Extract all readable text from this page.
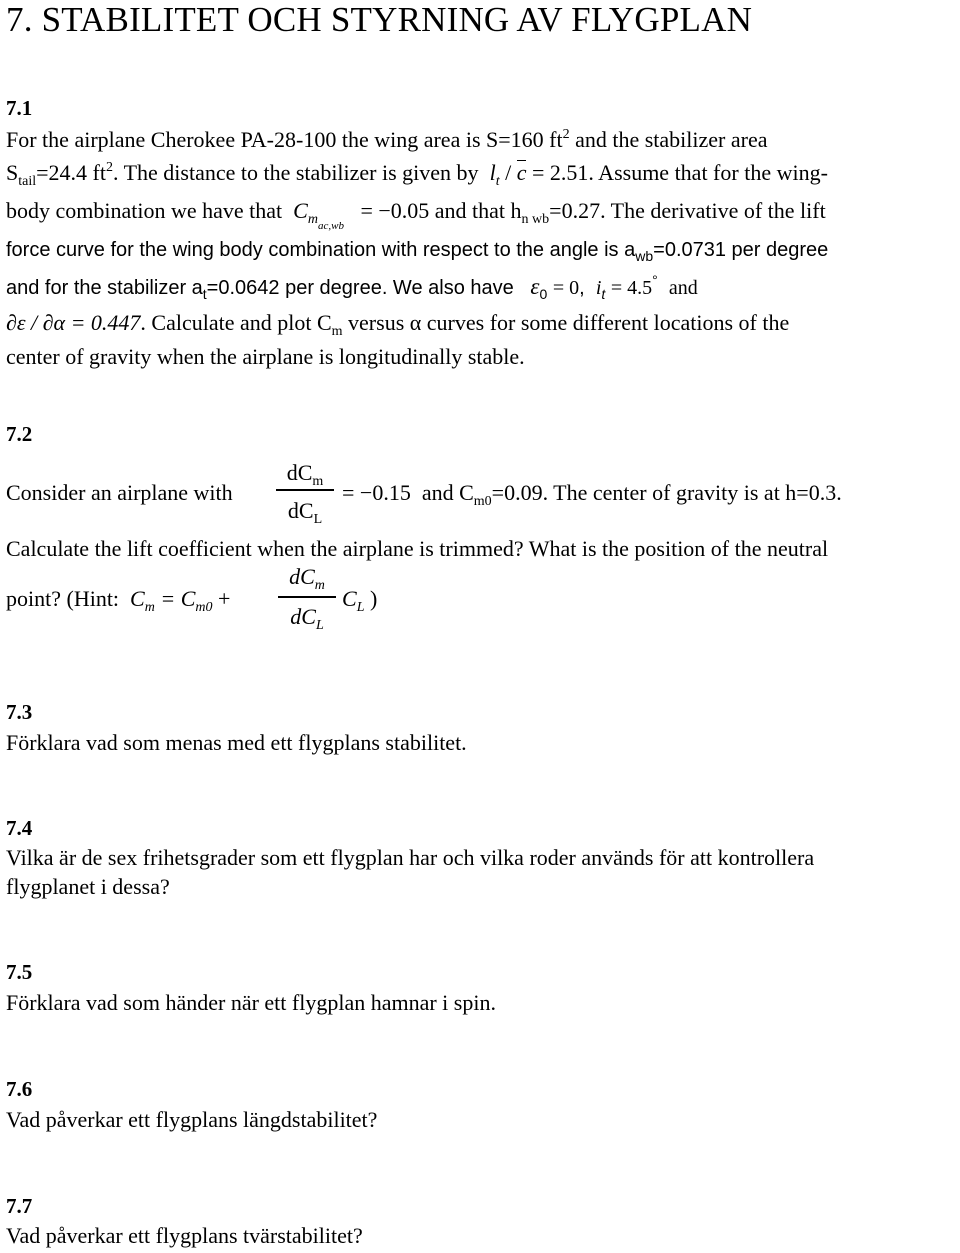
7. STABILITET OCH STYRNING AV FLYGPLAN
7.1
For the airplane Cherokee PA-28-100 the wing area is S=160 $ft^2$ and the stabilizer area
$S_{tail}=24.4$ $ft^2$. The distance to the stabilizer is given by $l_t / c = 2.51$. Assume that for the wing-
body combination we have that $C_{mac,wb} = -0.05$ and that $h_{n wb}=0.27$. The derivative of the lift
force curve for the wing body combination with respect to the angle is $a_{wb}=0.0731$ per degree
and for the stabilizer $a_t=0.0642$ per degree. We also have $\varepsilon_0 = 0$, $i_t = 4.5^\circ$ and
∂ε / ∂α = 0.447. Calculate and plot $C_m$ versus α curves for some different locations of the
center of gravity when the airplane is longitudinally stable.
7.2
Consider an airplane with
$dC_m$
$dC_L$
= −0.15 and $C_{m0}=0.09$. The center of gravity is at h=0.3.
Calculate the lift coefficient when the airplane is trimmed? What is the position of the neutral
point? (Hint: $C_m = C_{m0}$ +
$dC_m$
$dC_L$
$C_L$ )
7.3
Förklara vad som menas med ett flygplans stabilitet.
7.4
Vilka är de sex frihetsgrader som ett flygplan har och vilka roder används för att kontrollera
flygplanet i dessa?
7.5
Förklara vad som händer när ett flygplan hamnar i spin.
7.6
Vad påverkar ett flygplans längdstabilitet?
7.7
Vad påverkar ett flygplans tvärstabilitet?
